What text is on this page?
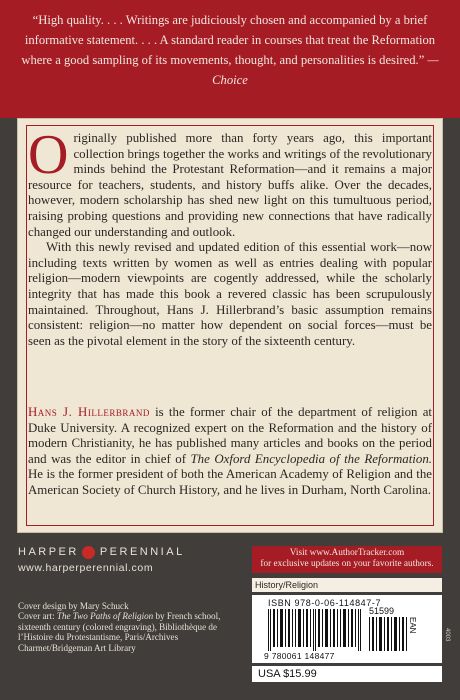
“High quality. . . . Writings are judiciously chosen and accompanied by a brief informative statement. . . . A standard reader in courses that treat the Reformation where a good sampling of its movements, thought, and personalities is desired.” —Choice

Originally published more than forty years ago, this important collection brings together the works and writings of the revolutionary minds behind the Protestant Reformation—and it remains a major resource for teachers, students, and history buffs alike. Over the decades, however, modern scholarship has shed new light on this tumultuous period, raising probing questions and providing new connections that have radically changed our understanding and outlook.

With this newly revised and updated edition of this essential work—now including texts written by women as well as entries dealing with popular religion—modern viewpoints are cogently addressed, while the scholarly integrity that has made this book a revered classic has been scrupulously maintained. Throughout, Hans J. Hillerbrand’s basic assumption remains consistent: religion—no matter how dependent on social forces—must be seen as the pivotal element in the story of the sixteenth century.

Hans J. Hillerbrand is the former chair of the department of religion at Duke University. A recognized expert on the Reformation and the history of modern Christianity, he has published many articles and books on the period and was the editor in chief of The Oxford Encyclopedia of the Reformation. He is the former president of both the American Academy of Religion and the American Society of Church History, and he lives in Durham, North Carolina.
HARPER PERENNIAL
www.harperperennial.com
Cover design by Mary Schuck
Cover art: The Two Paths of Religion by French school, sixteenth century (colored engraving), Bibliothèque de l’Histoire du Protestantisme, Paris/Archives Charmet/Bridgeman Art Library
Visit www.AuthorTracker.com
for exclusive updates on your favorite authors.
History/Religion
ISBN 978-0-06-114847-7
51599
EAN
9 780061 148477
USA $15.99
4003
